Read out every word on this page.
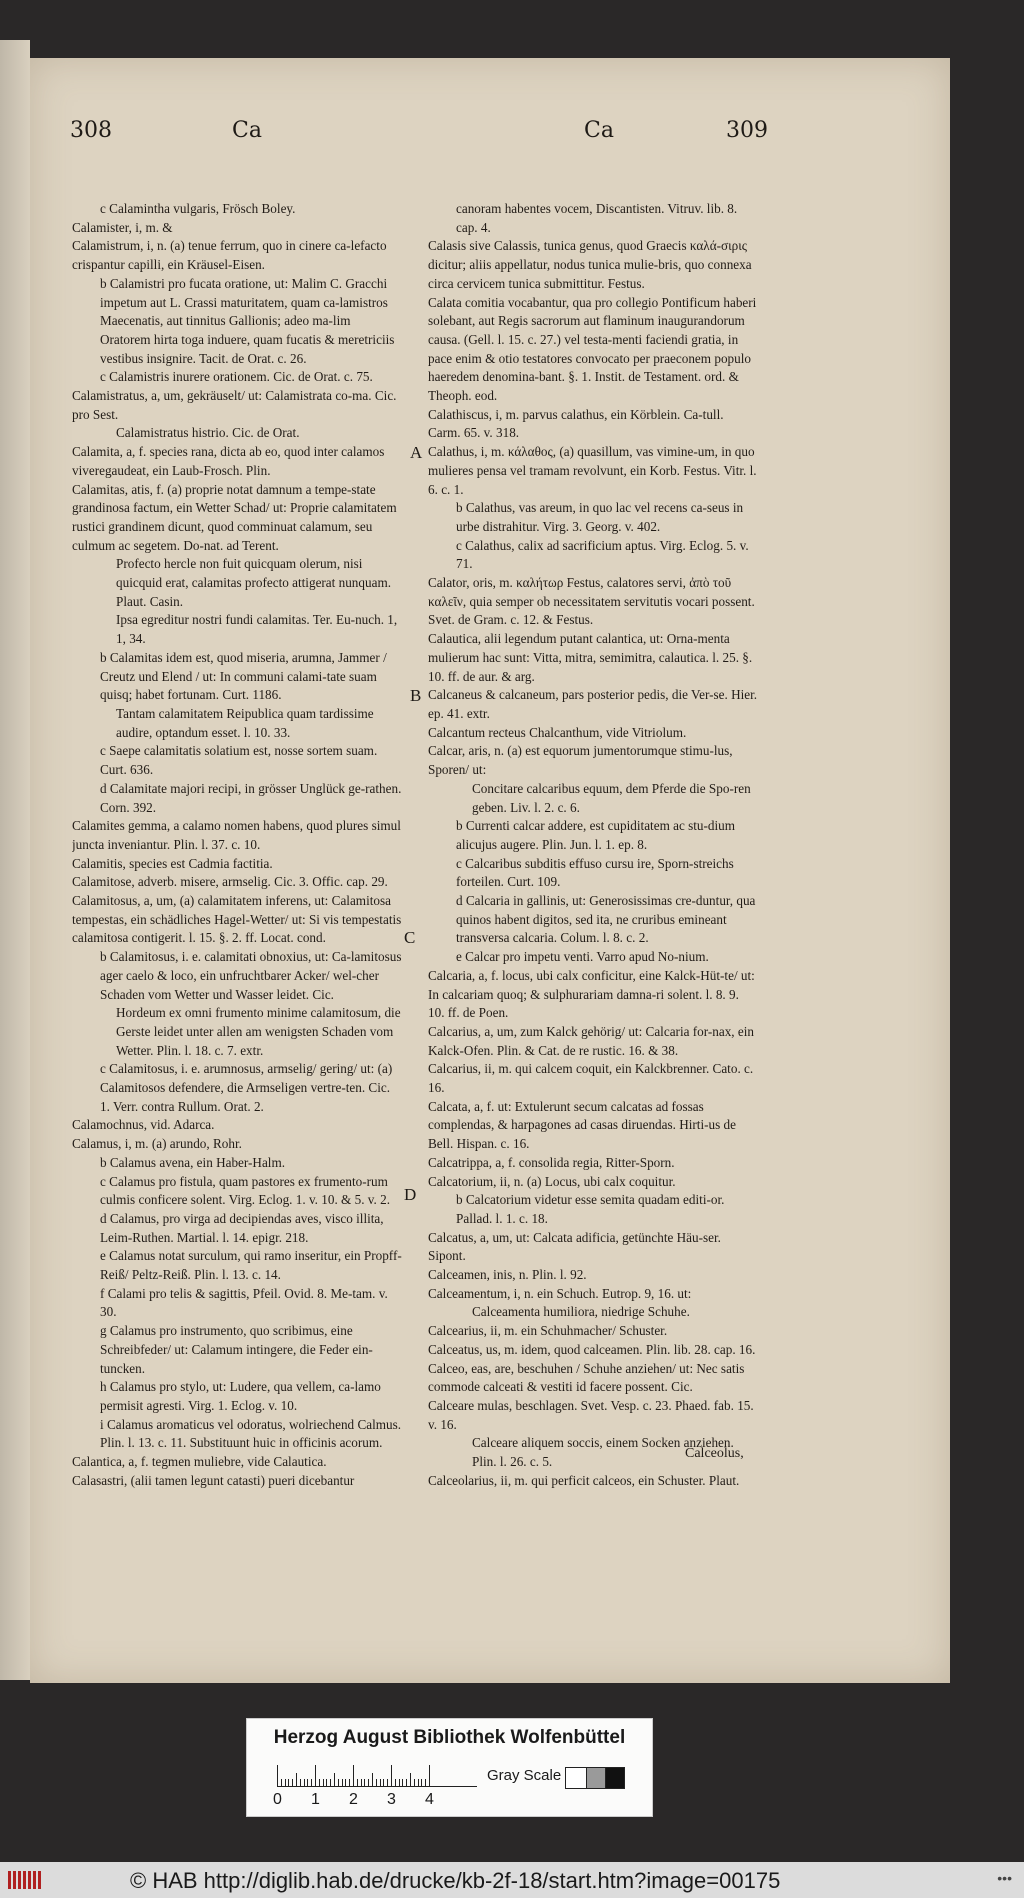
308	Ca	Ca	309

c Calamintha vulgaris, Frösch Boley.

Calamister, i, m. &

Calamistrum, i, n. (a) tenue ferrum, quo in cinere ca-lefacto crispantur capilli, ein Kräusel-Eisen.

b Calamistri pro fucata oratione, ut: Malim C. Gracchi impetum aut L. Crassi maturitatem, quam ca-lamistros Maecenatis, aut tinnitus Gallionis; adeo ma-lim Oratorem hirta toga induere, quam fucatis & meretriciis vestibus insignire. Tacit. de Orat. c. 26.

c Calamistris inurere orationem. Cic. de Orat. c. 75.

Calamistratus, a, um, gekräuselt/ ut: Calamistrata co-ma. Cic. pro Sest.

Calamistratus histrio. Cic. de Orat.

Calamita, a, f. species rana, dicta ab eo, quod inter calamos viveregaudeat, ein Laub-Frosch. Plin.

Calamitas, atis, f. (a) proprie notat damnum a tempe-state grandinosa factum, ein Wetter Schad/ ut: Proprie calamitatem rustici grandinem dicunt, quod comminuat calamum, seu culmum ac segetem. Do-nat. ad Terent.

Profecto hercle non fuit quicquam olerum, nisi quicquid erat, calamitas profecto attigerat nunquam. Plaut. Casin.

Ipsa egreditur nostri fundi calamitas. Ter. Eu-nuch. 1, 1, 34.

b Calamitas idem est, quod miseria, arumna, Jammer / Creutz und Elend / ut: In communi calami-tate suam quisq; habet fortunam. Curt. 1186.

Tantam calamitatem Reipublica quam tardissime audire, optandum esset. l. 10. 33.

c Saepe calamitatis solatium est, nosse sortem suam. Curt. 636.

d Calamitate majori recipi, in grösser Unglück ge-rathen. Corn. 392.

Calamites gemma, a calamo nomen habens, quod plures simul juncta inveniantur. Plin. l. 37. c. 10.

Calamitis, species est Cadmia factitia.

Calamitose, adverb. misere, armselig. Cic. 3. Offic. cap. 29.

Calamitosus, a, um, (a) calamitatem inferens, ut: Calamitosa tempestas, ein schädliches Hagel-Wetter/ ut: Si vis tempestatis calamitosa contigerit. l. 15. §. 2. ff. Locat. cond.

b Calamitosus, i. e. calamitati obnoxius, ut: Ca-lamitosus ager caelo & loco, ein unfruchtbarer Acker/ wel-cher Schaden vom Wetter und Wasser leidet. Cic.

Hordeum ex omni frumento minime calamitosum, die Gerste leidet unter allen am wenigsten Schaden vom Wetter. Plin. l. 18. c. 7. extr.

c Calamitosus, i. e. arumnosus, armselig/ gering/ ut: (a) Calamitosos defendere, die Armseligen vertre-ten. Cic. 1. Verr. contra Rullum. Orat. 2.

Calamochnus, vid. Adarca.

Calamus, i, m. (a) arundo, Rohr.

b Calamus avena, ein Haber-Halm.

c Calamus pro fistula, quam pastores ex frumento-rum culmis conficere solent. Virg. Eclog. 1. v. 10. & 5. v. 2.

d Calamus, pro virga ad decipiendas aves, visco illita, Leim-Ruthen. Martial. l. 14. epigr. 218.

e Calamus notat surculum, qui ramo inseritur, ein Propff-Reiß/ Peltz-Reiß. Plin. l. 13. c. 14.

f Calami pro telis & sagittis, Pfeil. Ovid. 8. Me-tam. v. 30.

g Calamus pro instrumento, quo scribimus, eine Schreibfeder/ ut: Calamum intingere, die Feder ein-tuncken.

h Calamus pro stylo, ut: Ludere, qua vellem, ca-lamo permisit agresti. Virg. 1. Eclog. v. 10.

i Calamus aromaticus vel odoratus, wolriechend Calmus. Plin. l. 13. c. 11. Substituunt huic in officinis acorum.

Calantica, a, f. tegmen muliebre, vide Calautica.

Calasastri, (alii tamen legunt catasti) pueri dicebantur

canoram habentes vocem, Discantisten. Vitruv. lib. 8. cap. 4.

Calasis sive Calassis, tunica genus, quod Graecis καλά-σιρις dicitur; aliis appellatur, nodus tunica mulie-bris, quo connexa circa cervicem tunica submittitur. Festus.

Calata comitia vocabantur, qua pro collegio Pontificum haberi solebant, aut Regis sacrorum aut flaminum inaugurandorum causa. (Gell. l. 15. c. 27.) vel testa-menti faciendi gratia, in pace enim & otio testatores convocato per praeconem populo haeredem denomina-bant. §. 1. Instit. de Testament. ord. & Theoph. eod.

Calathiscus, i, m. parvus calathus, ein Körblein. Ca-tull. Carm. 65. v. 318.

Calathus, i, m. κάλαθος, (a) quasillum, vas vimine-um, in quo mulieres pensa vel tramam revolvunt, ein Korb. Festus. Vitr. l. 6. c. 1.

b Calathus, vas areum, in quo lac vel recens ca-seus in urbe distrahitur. Virg. 3. Georg. v. 402.

c Calathus, calix ad sacrificium aptus. Virg. Eclog. 5. v. 71.

Calator, oris, m. καλήτωρ Festus, calatores servi, ἀπὸ τοῦ καλεῖν, quia semper ob necessitatem servitutis vocari possent. Svet. de Gram. c. 12. & Festus.

Calautica, alii legendum putant calantica, ut: Orna-menta mulierum hac sunt: Vitta, mitra, semimitra, calautica. l. 25. §. 10. ff. de aur. & arg.

Calcaneus & calcaneum, pars posterior pedis, die Ver-se. Hier. ep. 41. extr.

Calcantum recteus Chalcanthum, vide Vitriolum.

Calcar, aris, n. (a) est equorum jumentorumque stimu-lus, Sporen/ ut:

Concitare calcaribus equum, dem Pferde die Spo-ren geben. Liv. l. 2. c. 6.

b Currenti calcar addere, est cupiditatem ac stu-dium alicujus augere. Plin. Jun. l. 1. ep. 8.

c Calcaribus subditis effuso cursu ire, Sporn-streichs forteilen. Curt. 109.

d Calcaria in gallinis, ut: Generosissimas cre-duntur, qua quinos habent digitos, sed ita, ne cruribus emineant transversa calcaria. Colum. l. 8. c. 2.

e Calcar pro impetu venti. Varro apud No-nium.

Calcaria, a, f. locus, ubi calx conficitur, eine Kalck-Hüt-te/ ut: In calcariam quoq; & sulphurariam damna-ri solent. l. 8. 9. 10. ff. de Poen.

Calcarius, a, um, zum Kalck gehörig/ ut: Calcaria for-nax, ein Kalck-Ofen. Plin. & Cat. de re rustic. 16. & 38.

Calcarius, ii, m. qui calcem coquit, ein Kalckbrenner. Cato. c. 16.

Calcata, a, f. ut: Extulerunt secum calcatas ad fossas complendas, & harpagones ad casas diruendas. Hirti-us de Bell. Hispan. c. 16.

Calcatrippa, a, f. consolida regia, Ritter-Sporn.

Calcatorium, ii, n. (a) Locus, ubi calx coquitur.

b Calcatorium videtur esse semita quadam editi-or. Pallad. l. 1. c. 18.

Calcatus, a, um, ut: Calcata adificia, getünchte Häu-ser. Sipont.

Calceamen, inis, n. Plin. l. 92.

Calceamentum, i, n. ein Schuch. Eutrop. 9, 16. ut:

Calceamenta humiliora, niedrige Schuhe.

Calcearius, ii, m. ein Schuhmacher/ Schuster.

Calceatus, us, m. idem, quod calceamen. Plin. lib. 28. cap. 16.

Calceo, eas, are, beschuhen / Schuhe anziehen/ ut: Nec satis commode calceati & vestiti id facere possent. Cic.

Calceare mulas, beschlagen. Svet. Vesp. c. 23. Phaed. fab. 15. v. 16.

Calceare aliquem soccis, einem Socken anziehen. Plin. l. 26. c. 5.

Calceolarius, ii, m. qui perficit calceos, ein Schuster. Plaut.

A
B
C
D
Calceolus,
Herzog August Bibliothek Wolfenbüttel
0 1 2 3 4
Gray Scale
© HAB http://diglib.hab.de/drucke/kb-2f-18/start.htm?image=00175	•••
